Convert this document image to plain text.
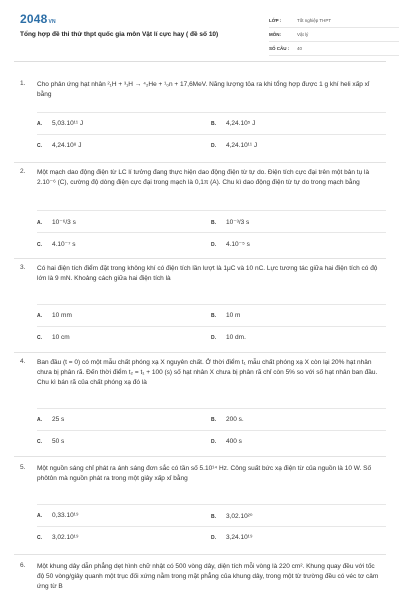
2048VN
Tổng hợp đề thi thử thpt quốc gia môn Vật lí cực hay ( đề số 10)
LỚP :	Tốt nghiệp THPT
MÔN:	Vật lý
SỐ CÂU :	40
1. Cho phản ứng hạt nhân ²₁H + ³₁H → ⁴₂He + ¹₀n + 17,6MeV. Năng lượng tỏa ra khi tổng hợp được 1 g khí heli xấp xỉ bằng
A. 5,03.10¹¹ J	B. 4,24.10⁵ J
C. 4,24.10⁸ J	D. 4,24.10¹¹ J
2. Một mạch dao động điện từ LC lí tưởng đang thực hiện dao động điện từ tự do. Điện tích cực đại trên một bản tụ là 2.10⁻⁶ (C), cường độ dòng điện cực đại trong mạch là 0,1π (A). Chu kì dao động điện từ tự do trong mạch bằng
A. 10⁻⁶/3 s	B. 10⁻³/3 s
C. 4.10⁻⁷ s	D. 4.10⁻⁵ s
3. Có hai điện tích điểm đặt trong không khí có điện tích lần lượt là 1μC và 10 nC. Lực tương tác giữa hai điện tích có độ lớn là 9 mN. Khoảng cách giữa hai điện tích là
A. 10 mm	B. 10 m
C. 10 cm	D. 10 dm.
4. Ban đầu (t = 0) có một mẫu chất phóng xạ X nguyên chất. Ở thời điểm t₁ mẫu chất phóng xạ X còn lại 20% hạt nhân chưa bị phân rã. Đến thời điểm t₂ = t₁ + 100 (s) số hạt nhân X chưa bị phân rã chỉ còn 5% so với số hạt nhân ban đầu. Chu kì bán rã của chất phóng xạ đó là
A. 25 s	B. 200 s.
C. 50 s	D. 400 s
5. Một nguồn sáng chỉ phát ra ánh sáng đơn sắc có tần số 5.10¹⁴ Hz. Công suất bức xạ điện từ của nguồn là 10 W. Số phôtôn mà nguồn phát ra trong một giây xấp xỉ bằng
A. 0,33.10¹⁹	B. 3,02.10²⁰
C. 3,02.10¹⁹	D. 3,24.10¹⁹
6. Một khung dây dẫn phẳng dẹt hình chữ nhật có 500 vòng dây, diện tích mỗi vòng là 220 cm². Khung quay đều với tốc độ 50 vòng/giây quanh một trục đối xứng nằm trong mặt phẳng của khung dây, trong một từ trường đều có véc tơ cảm ứng từ B
